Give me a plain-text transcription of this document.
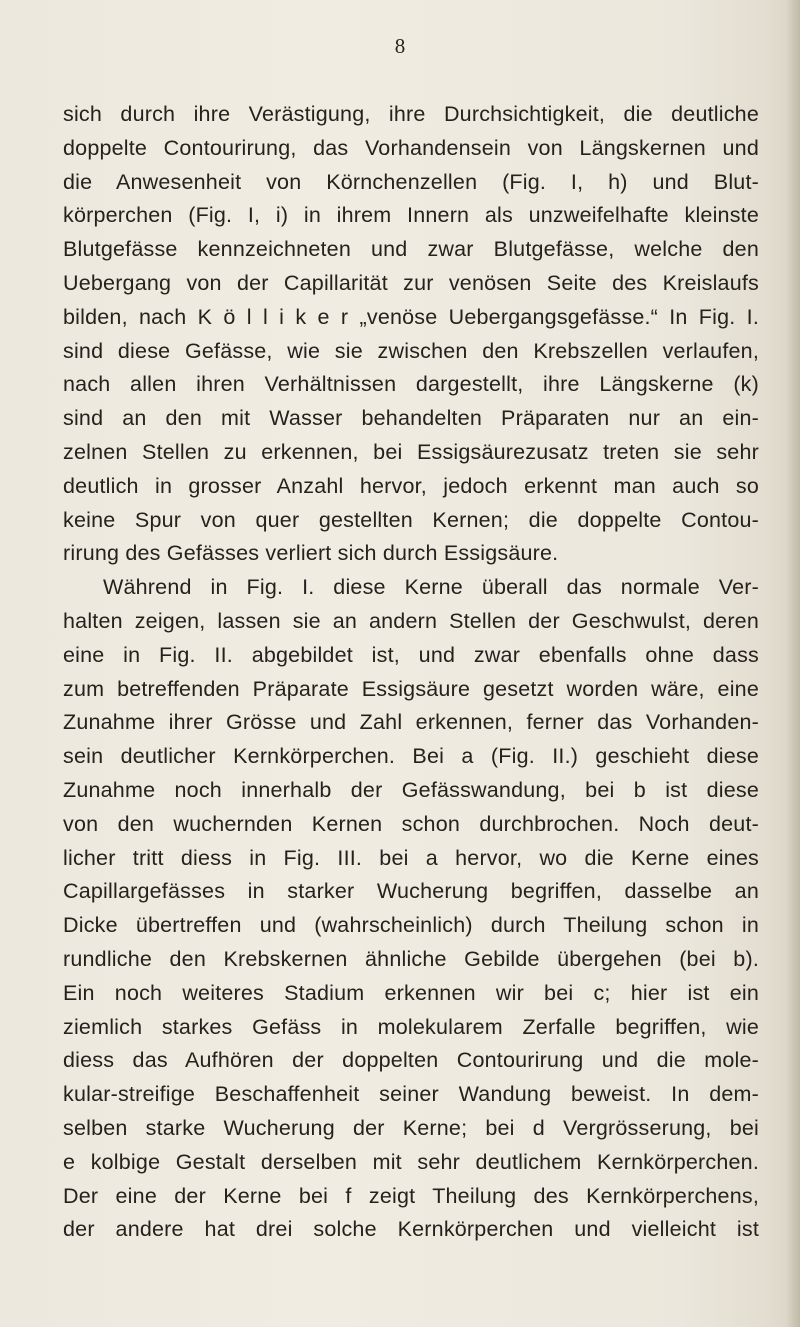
8
sich durch ihre Verästigung, ihre Durchsichtigkeit, die deutliche
doppelte Contourirung, das Vorhandensein von Längskernen und
die Anwesenheit von Körnchenzellen (Fig. I, h) und Blut-
körperchen (Fig. I, i) in ihrem Innern als unzweifelhafte kleinste
Blutgefässe kennzeichneten und zwar Blutgefässe, welche den
Uebergang von der Capillarität zur venösen Seite des Kreislaufs
bilden, nach K ö l l i k e r „venöse Uebergangsgefässe.“ In Fig. I.
sind diese Gefässe, wie sie zwischen den Krebszellen verlaufen,
nach allen ihren Verhältnissen dargestellt, ihre Längskerne (k)
sind an den mit Wasser behandelten Präparaten nur an ein-
zelnen Stellen zu erkennen, bei Essigsäurezusatz treten sie sehr
deutlich in grosser Anzahl hervor, jedoch erkennt man auch so
keine Spur von quer gestellten Kernen; die doppelte Contou-
rirung des Gefässes verliert sich durch Essigsäure.
Während in Fig. I. diese Kerne überall das normale Ver-
halten zeigen, lassen sie an andern Stellen der Geschwulst, deren
eine in Fig. II. abgebildet ist, und zwar ebenfalls ohne dass
zum betreffenden Präparate Essigsäure gesetzt worden wäre, eine
Zunahme ihrer Grösse und Zahl erkennen, ferner das Vorhanden-
sein deutlicher Kernkörperchen. Bei a (Fig. II.) geschieht diese
Zunahme noch innerhalb der Gefässwandung, bei b ist diese
von den wuchernden Kernen schon durchbrochen. Noch deut-
licher tritt diess in Fig. III. bei a hervor, wo die Kerne eines
Capillargefässes in starker Wucherung begriffen, dasselbe an
Dicke übertreffen und (wahrscheinlich) durch Theilung schon in
rundliche den Krebskernen ähnliche Gebilde übergehen (bei b).
Ein noch weiteres Stadium erkennen wir bei c; hier ist ein
ziemlich starkes Gefäss in molekularem Zerfalle begriffen, wie
diess das Aufhören der doppelten Contourirung und die mole-
kular-streifige Beschaffenheit seiner Wandung beweist. In dem-
selben starke Wucherung der Kerne; bei d Vergrösserung, bei
e kolbige Gestalt derselben mit sehr deutlichem Kernkörperchen.
Der eine der Kerne bei f zeigt Theilung des Kernkörperchens,
der andere hat drei solche Kernkörperchen und vielleicht ist
